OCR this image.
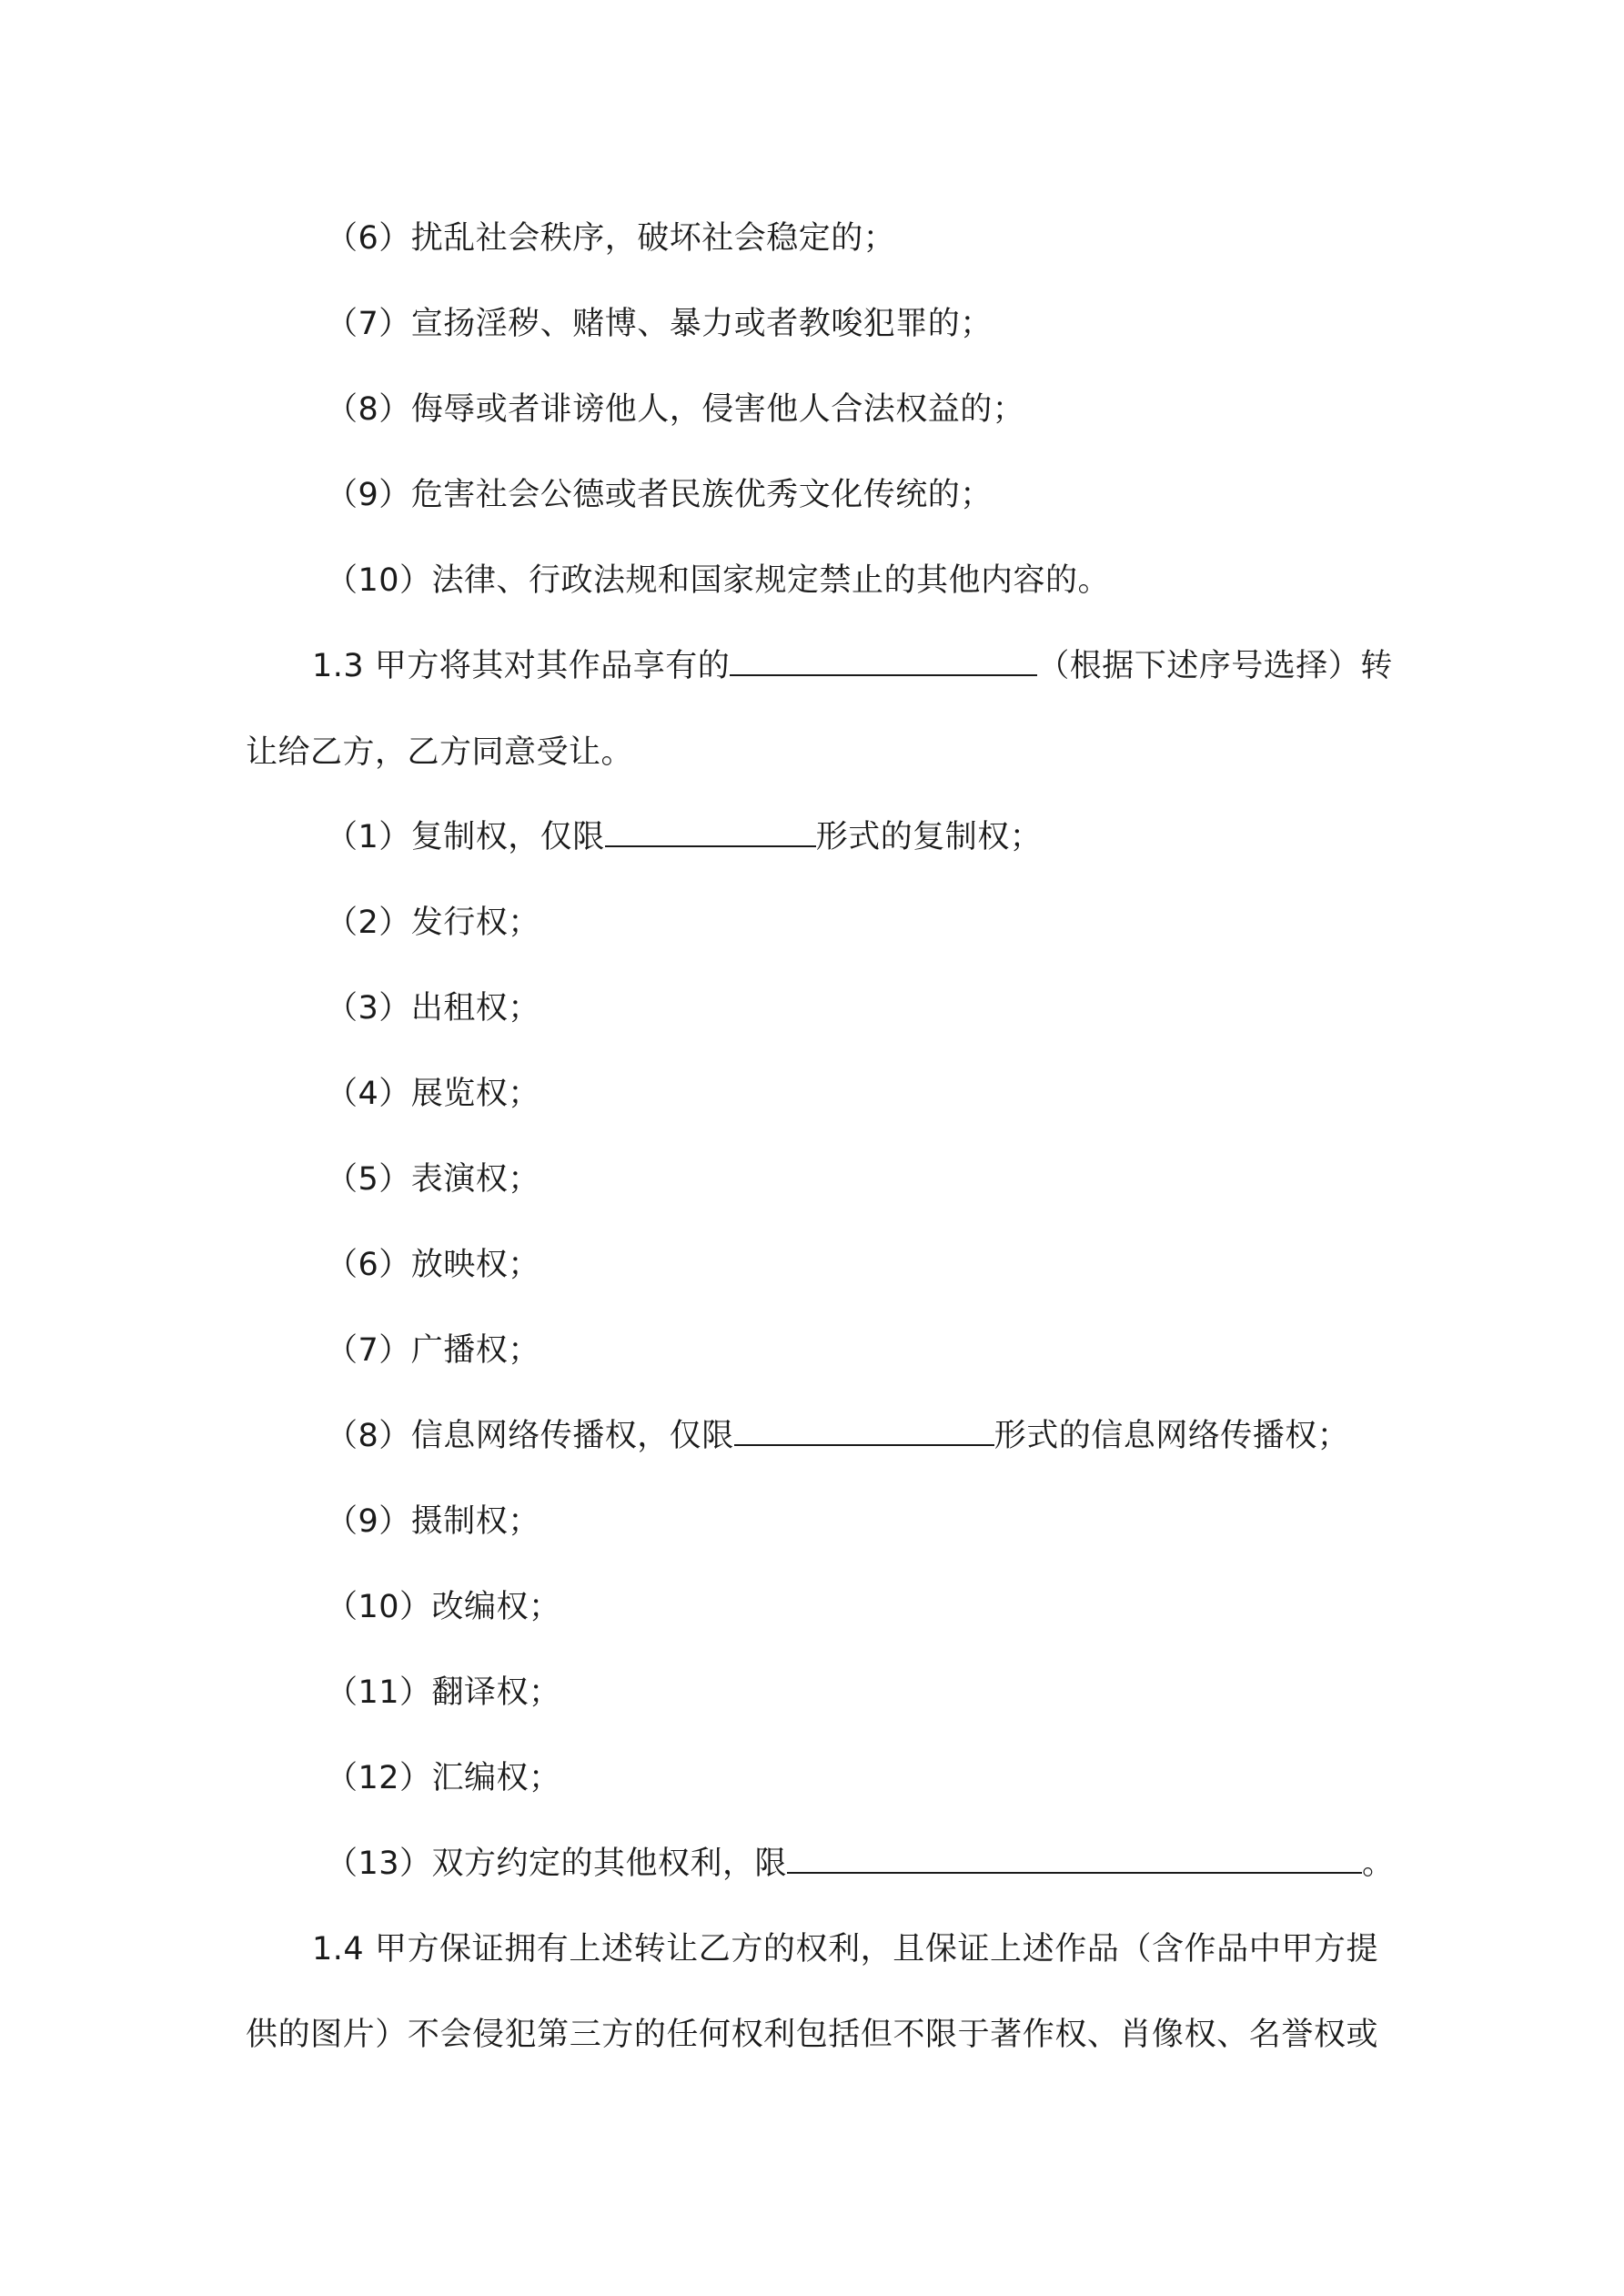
（6）扰乱社会秩序，破坏社会稳定的；
（7）宣扬淫秽、赌博、暴力或者教唆犯罪的；
（8）侮辱或者诽谤他人，侵害他人合法权益的；
（9）危害社会公德或者民族优秀文化传统的；
（10）法律、行政法规和国家规定禁止的其他内容的。
1.3 甲方将其对其作品享有的	（根据下述序号选择）转
让给乙方，乙方同意受让。
（1）复制权，仅限	形式的复制权；
（2）发行权；
（3）出租权；
（4）展览权；
（5）表演权；
（6）放映权；
（7）广播权；
（8）信息网络传播权，仅限	形式的信息网络传播权；
（9）摄制权；
（10）改编权；
（11）翻译权；
（12）汇编权；
（13）双方约定的其他权利，限	。
1.4 甲方保证拥有上述转让乙方的权利，且保证上述作品（含作品中甲方提
供的图片）不会侵犯第三方的任何权利包括但不限于著作权、肖像权、名誉权或
